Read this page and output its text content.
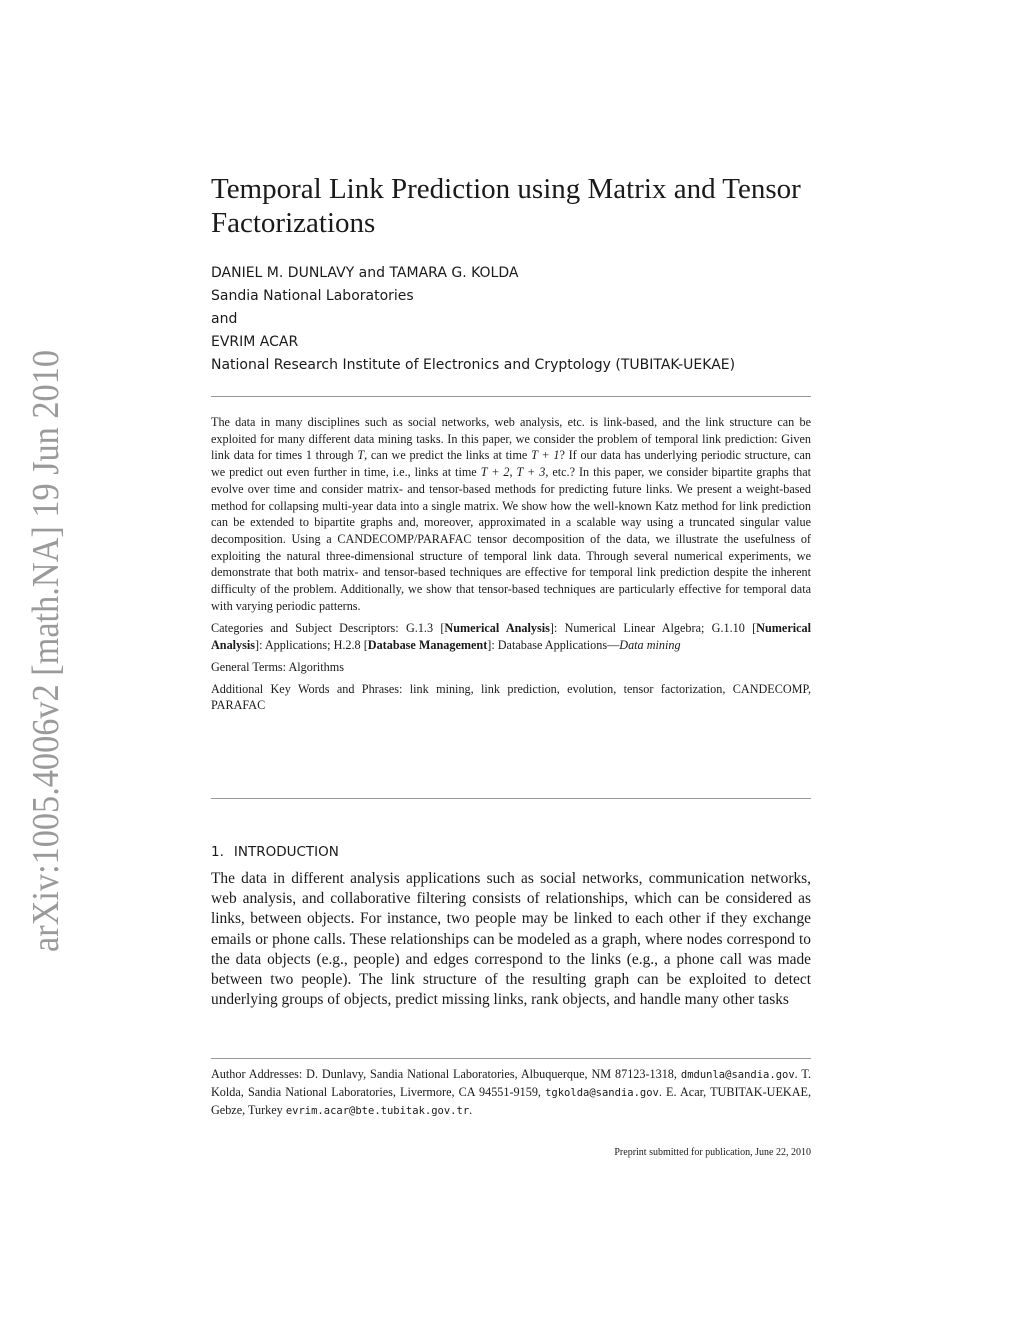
arXiv:1005.4006v2 [math.NA] 19 Jun 2010
Temporal Link Prediction using Matrix and Tensor Factorizations
DANIEL M. DUNLAVY and TAMARA G. KOLDA
Sandia National Laboratories
and
EVRIM ACAR
National Research Institute of Electronics and Cryptology (TUBITAK-UEKAE)

The data in many disciplines such as social networks, web analysis, etc. is link-based, and the link structure can be exploited for many different data mining tasks. In this paper, we consider the problem of temporal link prediction: Given link data for times 1 through T, can we predict the links at time T + 1? If our data has underlying periodic structure, can we predict out even further in time, i.e., links at time T + 2, T + 3, etc.? In this paper, we consider bipartite graphs that evolve over time and consider matrix- and tensor-based methods for predicting future links. We present a weight-based method for collapsing multi-year data into a single matrix. We show how the well-known Katz method for link prediction can be extended to bipartite graphs and, moreover, approximated in a scalable way using a truncated singular value decomposition. Using a CANDECOMP/PARAFAC tensor decomposition of the data, we illustrate the usefulness of exploiting the natural three-dimensional structure of temporal link data. Through several numerical experiments, we demonstrate that both matrix- and tensor-based techniques are effective for temporal link prediction despite the inherent difficulty of the problem. Additionally, we show that tensor-based techniques are particularly effective for temporal data with varying periodic patterns.

Categories and Subject Descriptors: G.1.3 [Numerical Analysis]: Numerical Linear Algebra; G.1.10 [Numerical Analysis]: Applications; H.2.8 [Database Management]: Database Applications—Data mining

General Terms: Algorithms

Additional Key Words and Phrases: link mining, link prediction, evolution, tensor factorization, CANDECOMP, PARAFAC

1. INTRODUCTION

The data in different analysis applications such as social networks, communication networks, web analysis, and collaborative filtering consists of relationships, which can be considered as links, between objects. For instance, two people may be linked to each other if they exchange emails or phone calls. These relationships can be modeled as a graph, where nodes correspond to the data objects (e.g., people) and edges correspond to the links (e.g., a phone call was made between two people). The link structure of the resulting graph can be exploited to detect underlying groups of objects, predict missing links, rank objects, and handle many other tasks

Author Addresses: D. Dunlavy, Sandia National Laboratories, Albuquerque, NM 87123-1318, dmdunla@sandia.gov. T. Kolda, Sandia National Laboratories, Livermore, CA 94551-9159, tgkolda@sandia.gov. E. Acar, TUBITAK-UEKAE, Gebze, Turkey evrim.acar@bte.tubitak.gov.tr.

Preprint submitted for publication, June 22, 2010
